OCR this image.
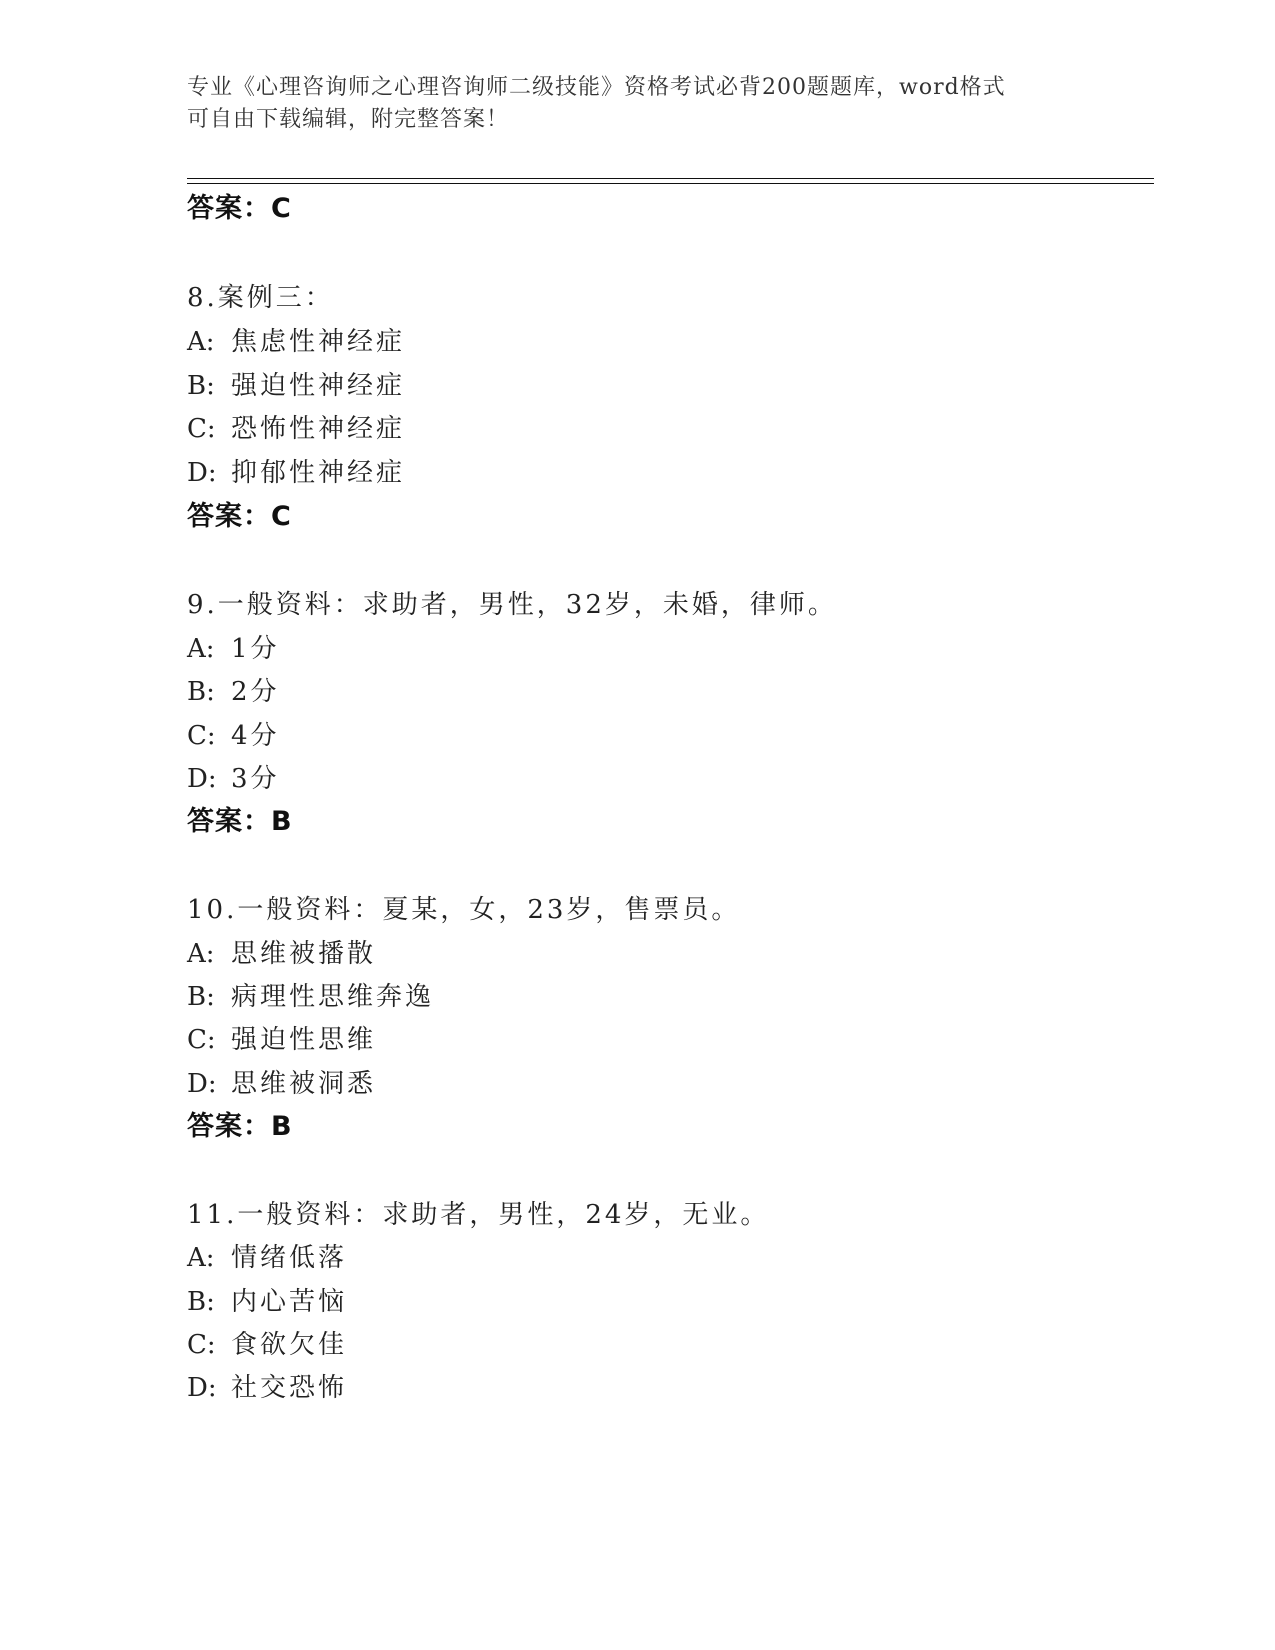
专业《心理咨询师之心理咨询师二级技能》资格考试必背200题题库，word格式
可自由下载编辑，附完整答案！
答案：C
8.案例三：
A: 焦虑性神经症
B: 强迫性神经症
C: 恐怖性神经症
D: 抑郁性神经症
答案：C
9.一般资料：求助者，男性，32岁，未婚，律师。
A: 1分
B: 2分
C: 4分
D: 3分
答案：B
10.一般资料：夏某，女，23岁，售票员。
A: 思维被播散
B: 病理性思维奔逸
C: 强迫性思维
D: 思维被洞悉
答案：B
11.一般资料：求助者，男性，24岁，无业。
A: 情绪低落
B: 内心苦恼
C: 食欲欠佳
D: 社交恐怖
